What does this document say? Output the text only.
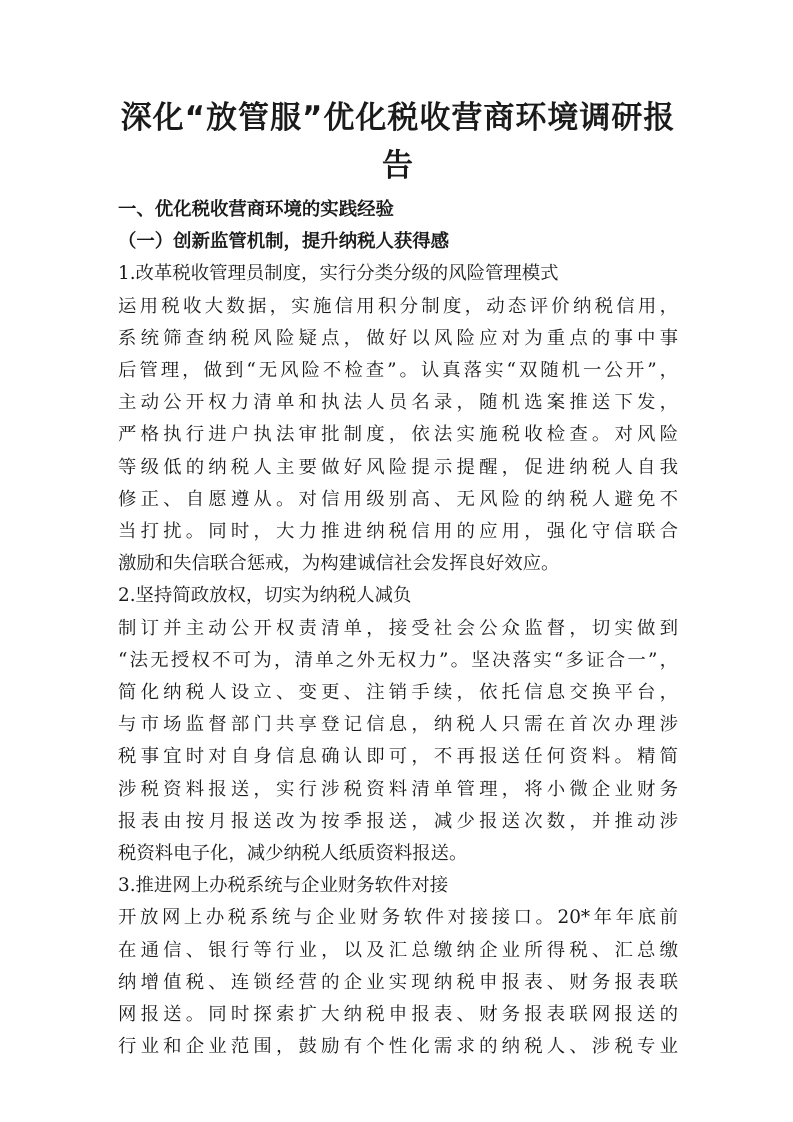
深化“放管服”优化税收营商环境调研报
告
一、优化税收营商环境的实践经验
（一）创新监管机制，提升纳税人获得感
1.改革税收管理员制度，实行分类分级的风险管理模式
运用税收大数据，实施信用积分制度，动态评价纳税信用，
系统筛查纳税风险疑点，做好以风险应对为重点的事中事
后管理，做到“无风险不检查”。认真落实“双随机一公开”，
主动公开权力清单和执法人员名录，随机选案推送下发，
严格执行进户执法审批制度，依法实施税收检查。对风险
等级低的纳税人主要做好风险提示提醒，促进纳税人自我
修正、自愿遵从。对信用级别高、无风险的纳税人避免不
当打扰。同时，大力推进纳税信用的应用，强化守信联合
激励和失信联合惩戒，为构建诚信社会发挥良好效应。
2.坚持简政放权，切实为纳税人减负
制订并主动公开权责清单，接受社会公众监督，切实做到
“法无授权不可为，清单之外无权力”。坚决落实“多证合一”，
简化纳税人设立、变更、注销手续，依托信息交换平台，
与市场监督部门共享登记信息，纳税人只需在首次办理涉
税事宜时对自身信息确认即可，不再报送任何资料。精简
涉税资料报送，实行涉税资料清单管理，将小微企业财务
报表由按月报送改为按季报送，减少报送次数，并推动涉
税资料电子化，减少纳税人纸质资料报送。
3.推进网上办税系统与企业财务软件对接
开放网上办税系统与企业财务软件对接接口。20*年年底前
在通信、银行等行业，以及汇总缴纳企业所得税、汇总缴
纳增值税、连锁经营的企业实现纳税申报表、财务报表联
网报送。同时探索扩大纳税申报表、财务报表联网报送的
行业和企业范围，鼓励有个性化需求的纳税人、涉税专业
